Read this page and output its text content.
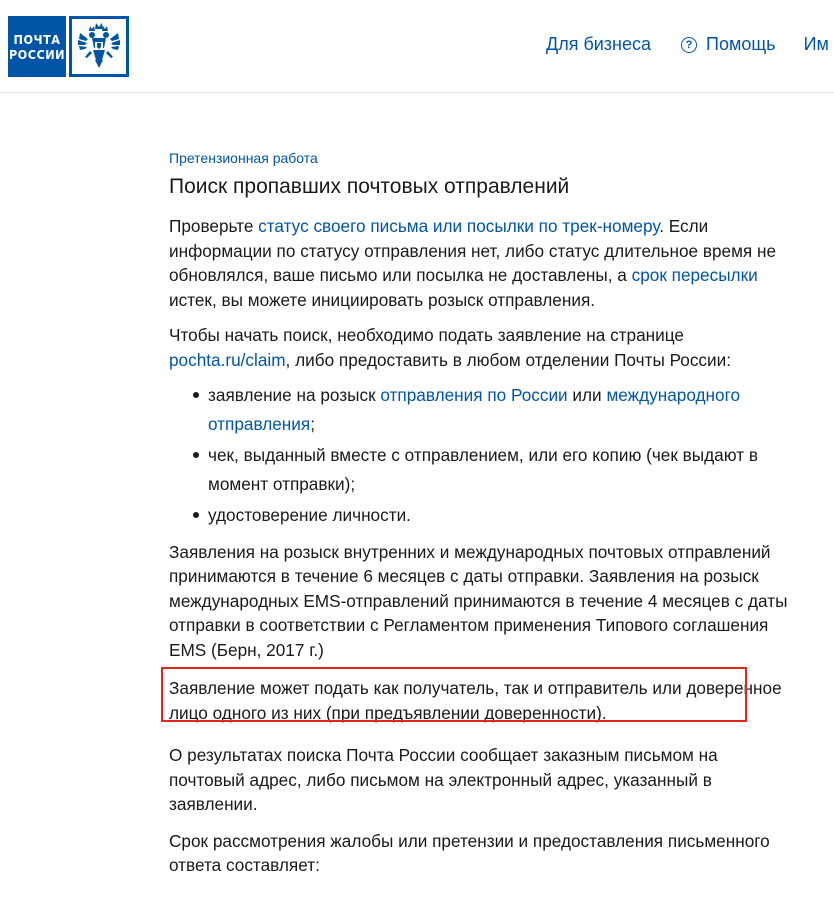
ПОЧТА
РОССИИ	Для бизнеса	? Помощь Им
Претензионная работа
Поиск пропавших почтовых отправлений

Проверьте статус своего письма или посылки по трек-номеру. Если информации по статусу отправления нет, либо статус длительное время не обновлялся, ваше письмо или посылка не доставлены, а срок пересылки истек, вы можете инициировать розыск отправления.

Чтобы начать поиск, необходимо подать заявление на странице pochta.ru/claim, либо предоставить в любом отделении Почты России:

заявление на розыск отправления по России или международного отправления;
чек, выданный вместе с отправлением, или его копию (чек выдают в момент отправки);
удостоверение личности.

Заявления на розыск внутренних и международных почтовых отправлений принимаются в течение 6 месяцев с даты отправки. Заявления на розыск международных EMS-отправлений принимаются в течение 4 месяцев с даты отправки в соответствии с Регламентом применения Типового соглашения EMS (Берн, 2017 г.)

Заявление может подать как получатель, так и отправитель или доверенное лицо одного из них (при предъявлении доверенности).

О результатах поиска Почта России сообщает заказным письмом на почтовый адрес, либо письмом на электронный адрес, указанный в заявлении.

Срок рассмотрения жалобы или претензии и предоставления письменного ответа составляет:
